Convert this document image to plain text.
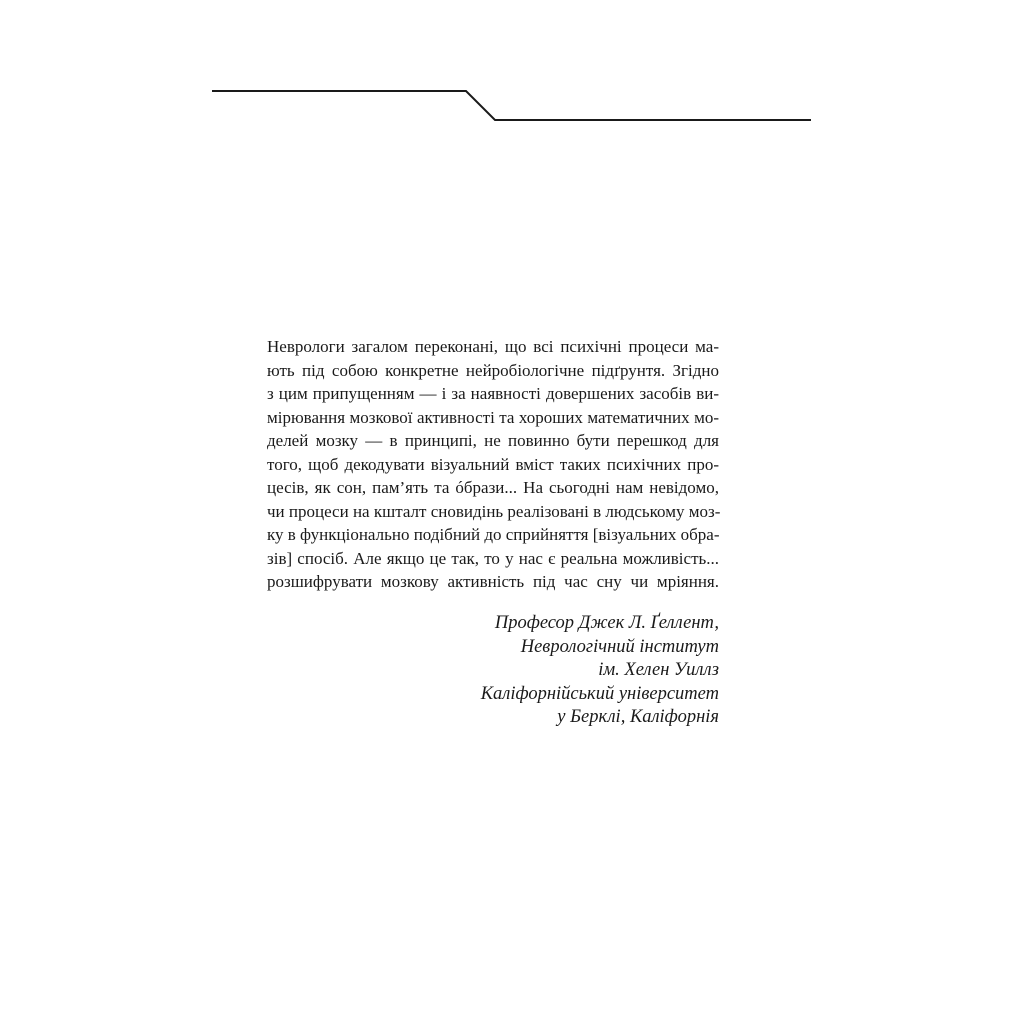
Неврологи загалом переконані, що всі психічні процеси ма-
ють під собою конкретне нейробіологічне підґрунтя. Згідно
з цим припущенням — і за наявності довершених засобів ви-
мірювання мозкової активності та хороших математичних мо-
делей мозку — в принципі, не повинно бути перешкод для
того, щоб декодувати візуальний вміст таких психічних про-
цесів, як сон, пам’ять та óбрази... На сьогодні нам невідомо,
чи процеси на кшталт сновидінь реалізовані в людському моз-
ку в функціонально подібний до сприйняття [візуальних обра-
зів] спосіб. Але якщо це так, то у нас є реальна можливість...
розшифрувати мозкову активність під час сну чи мріяння.
Професор Джек Л. Ґеллент,
Неврологічний інститут
ім. Хелен Уиллз
Каліфорнійський університет
у Берклі, Каліфорнія
